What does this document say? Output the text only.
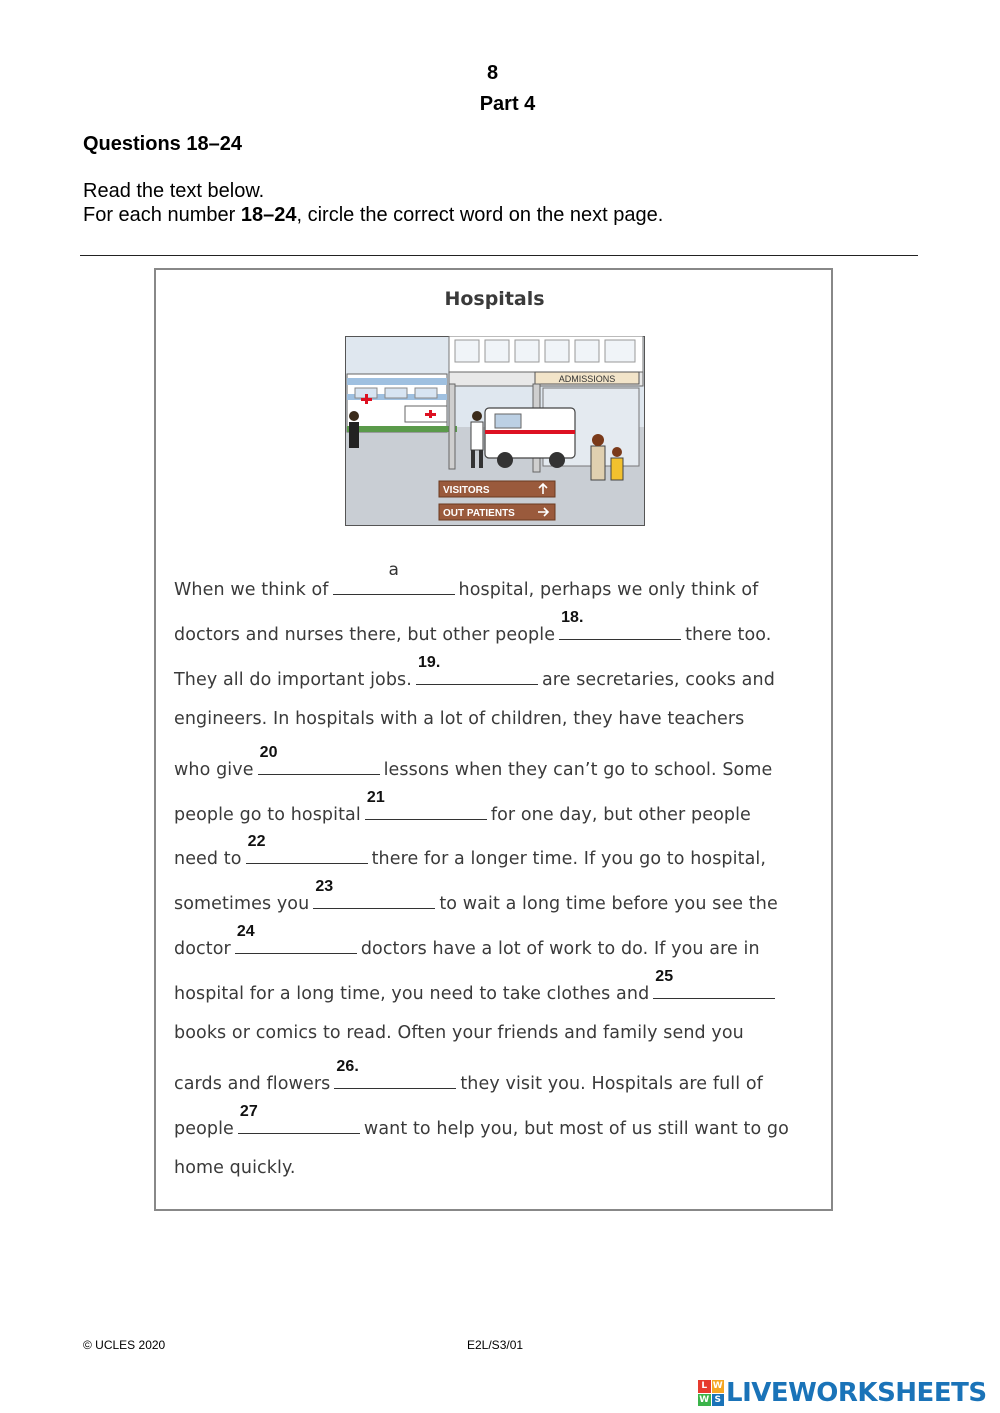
8
Part 4
Questions 18–24
Read the text below.
For each number 18–24, circle the correct word on the next page.
Hospitals
ADMISSIONS
VISITORS
OUT PATIENTS
When we think of
a
hospital, perhaps we only think of
doctors and nurses there, but other people
18.
there too.
They all do important jobs.
19.
are secretaries, cooks and
engineers. In hospitals with a lot of children, they have teachers
who give
20
lessons when they can’t go to school. Some
people go to hospital
21
for one day, but other people
need to
22
there for a longer time. If you go to hospital,
sometimes you
23
to wait a long time before you see the
doctor
24
doctors have a lot of work to do. If you are in
hospital for a long time, you need to take clothes and
25
books or comics to read. Often your friends and family send you
cards and flowers
26.
they visit you. Hospitals are full of
people
27
want to help you, but most of us still want to go
home quickly.
© UCLES 2020	E2L/S3/01
L W
W S LIVEWORKSHEETS
